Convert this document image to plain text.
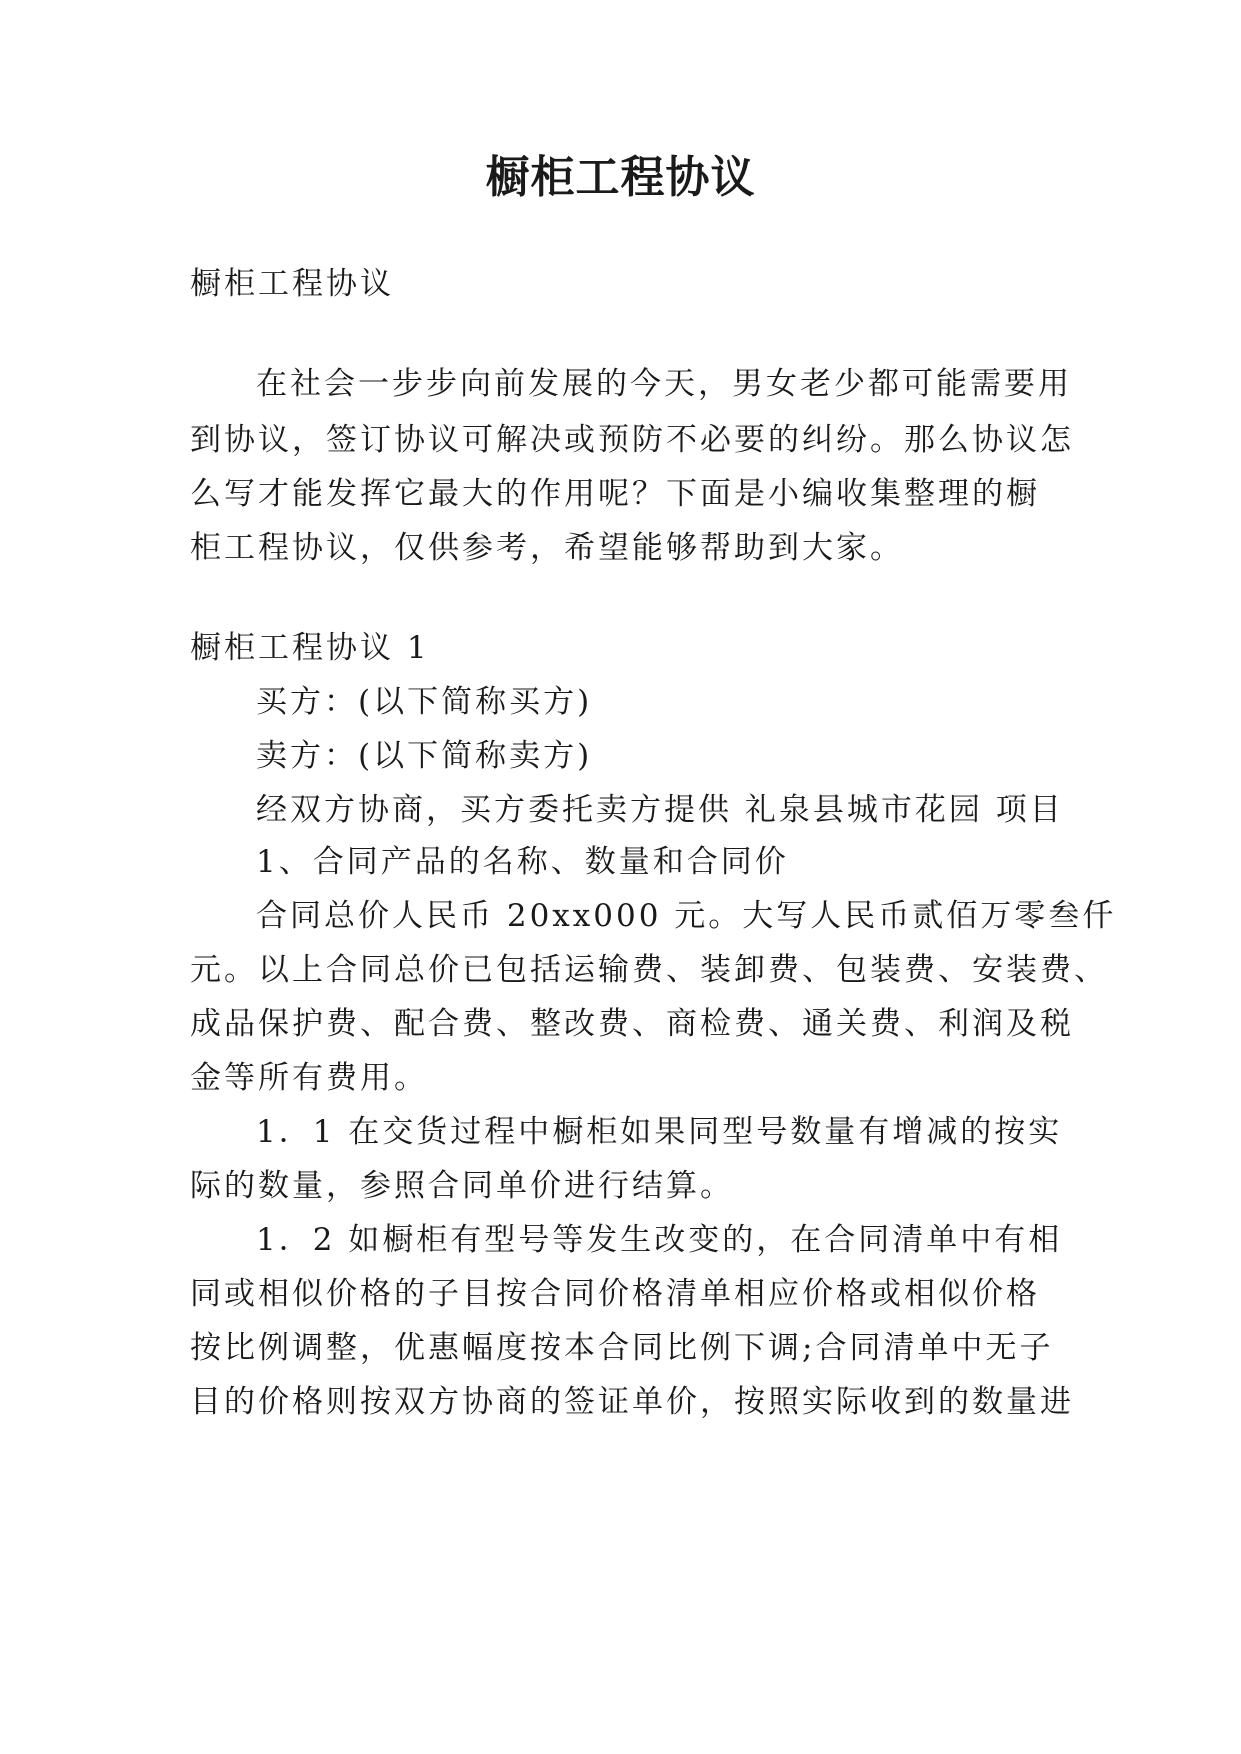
橱柜工程协议
橱柜工程协议
在社会一步步向前发展的今天，男女老少都可能需要用
到协议，签订协议可解决或预防不必要的纠纷。那么协议怎
么写才能发挥它最大的作用呢？下面是小编收集整理的橱
柜工程协议，仅供参考，希望能够帮助到大家。
橱柜工程协议 1
买方：(以下简称买方)
卖方：(以下简称卖方)
经双方协商，买方委托卖方提供 礼泉县城市花园 项目
1、合同产品的名称、数量和合同价
合同总价人民币 20xx000 元。大写人民币贰佰万零叁仟
元。以上合同总价已包括运输费、装卸费、包装费、安装费、
成品保护费、配合费、整改费、商检费、通关费、利润及税
金等所有费用。
1．1 在交货过程中橱柜如果同型号数量有增减的按实
际的数量，参照合同单价进行结算。
1．2 如橱柜有型号等发生改变的，在合同清单中有相
同或相似价格的子目按合同价格清单相应价格或相似价格
按比例调整，优惠幅度按本合同比例下调;合同清单中无子
目的价格则按双方协商的签证单价，按照实际收到的数量进
